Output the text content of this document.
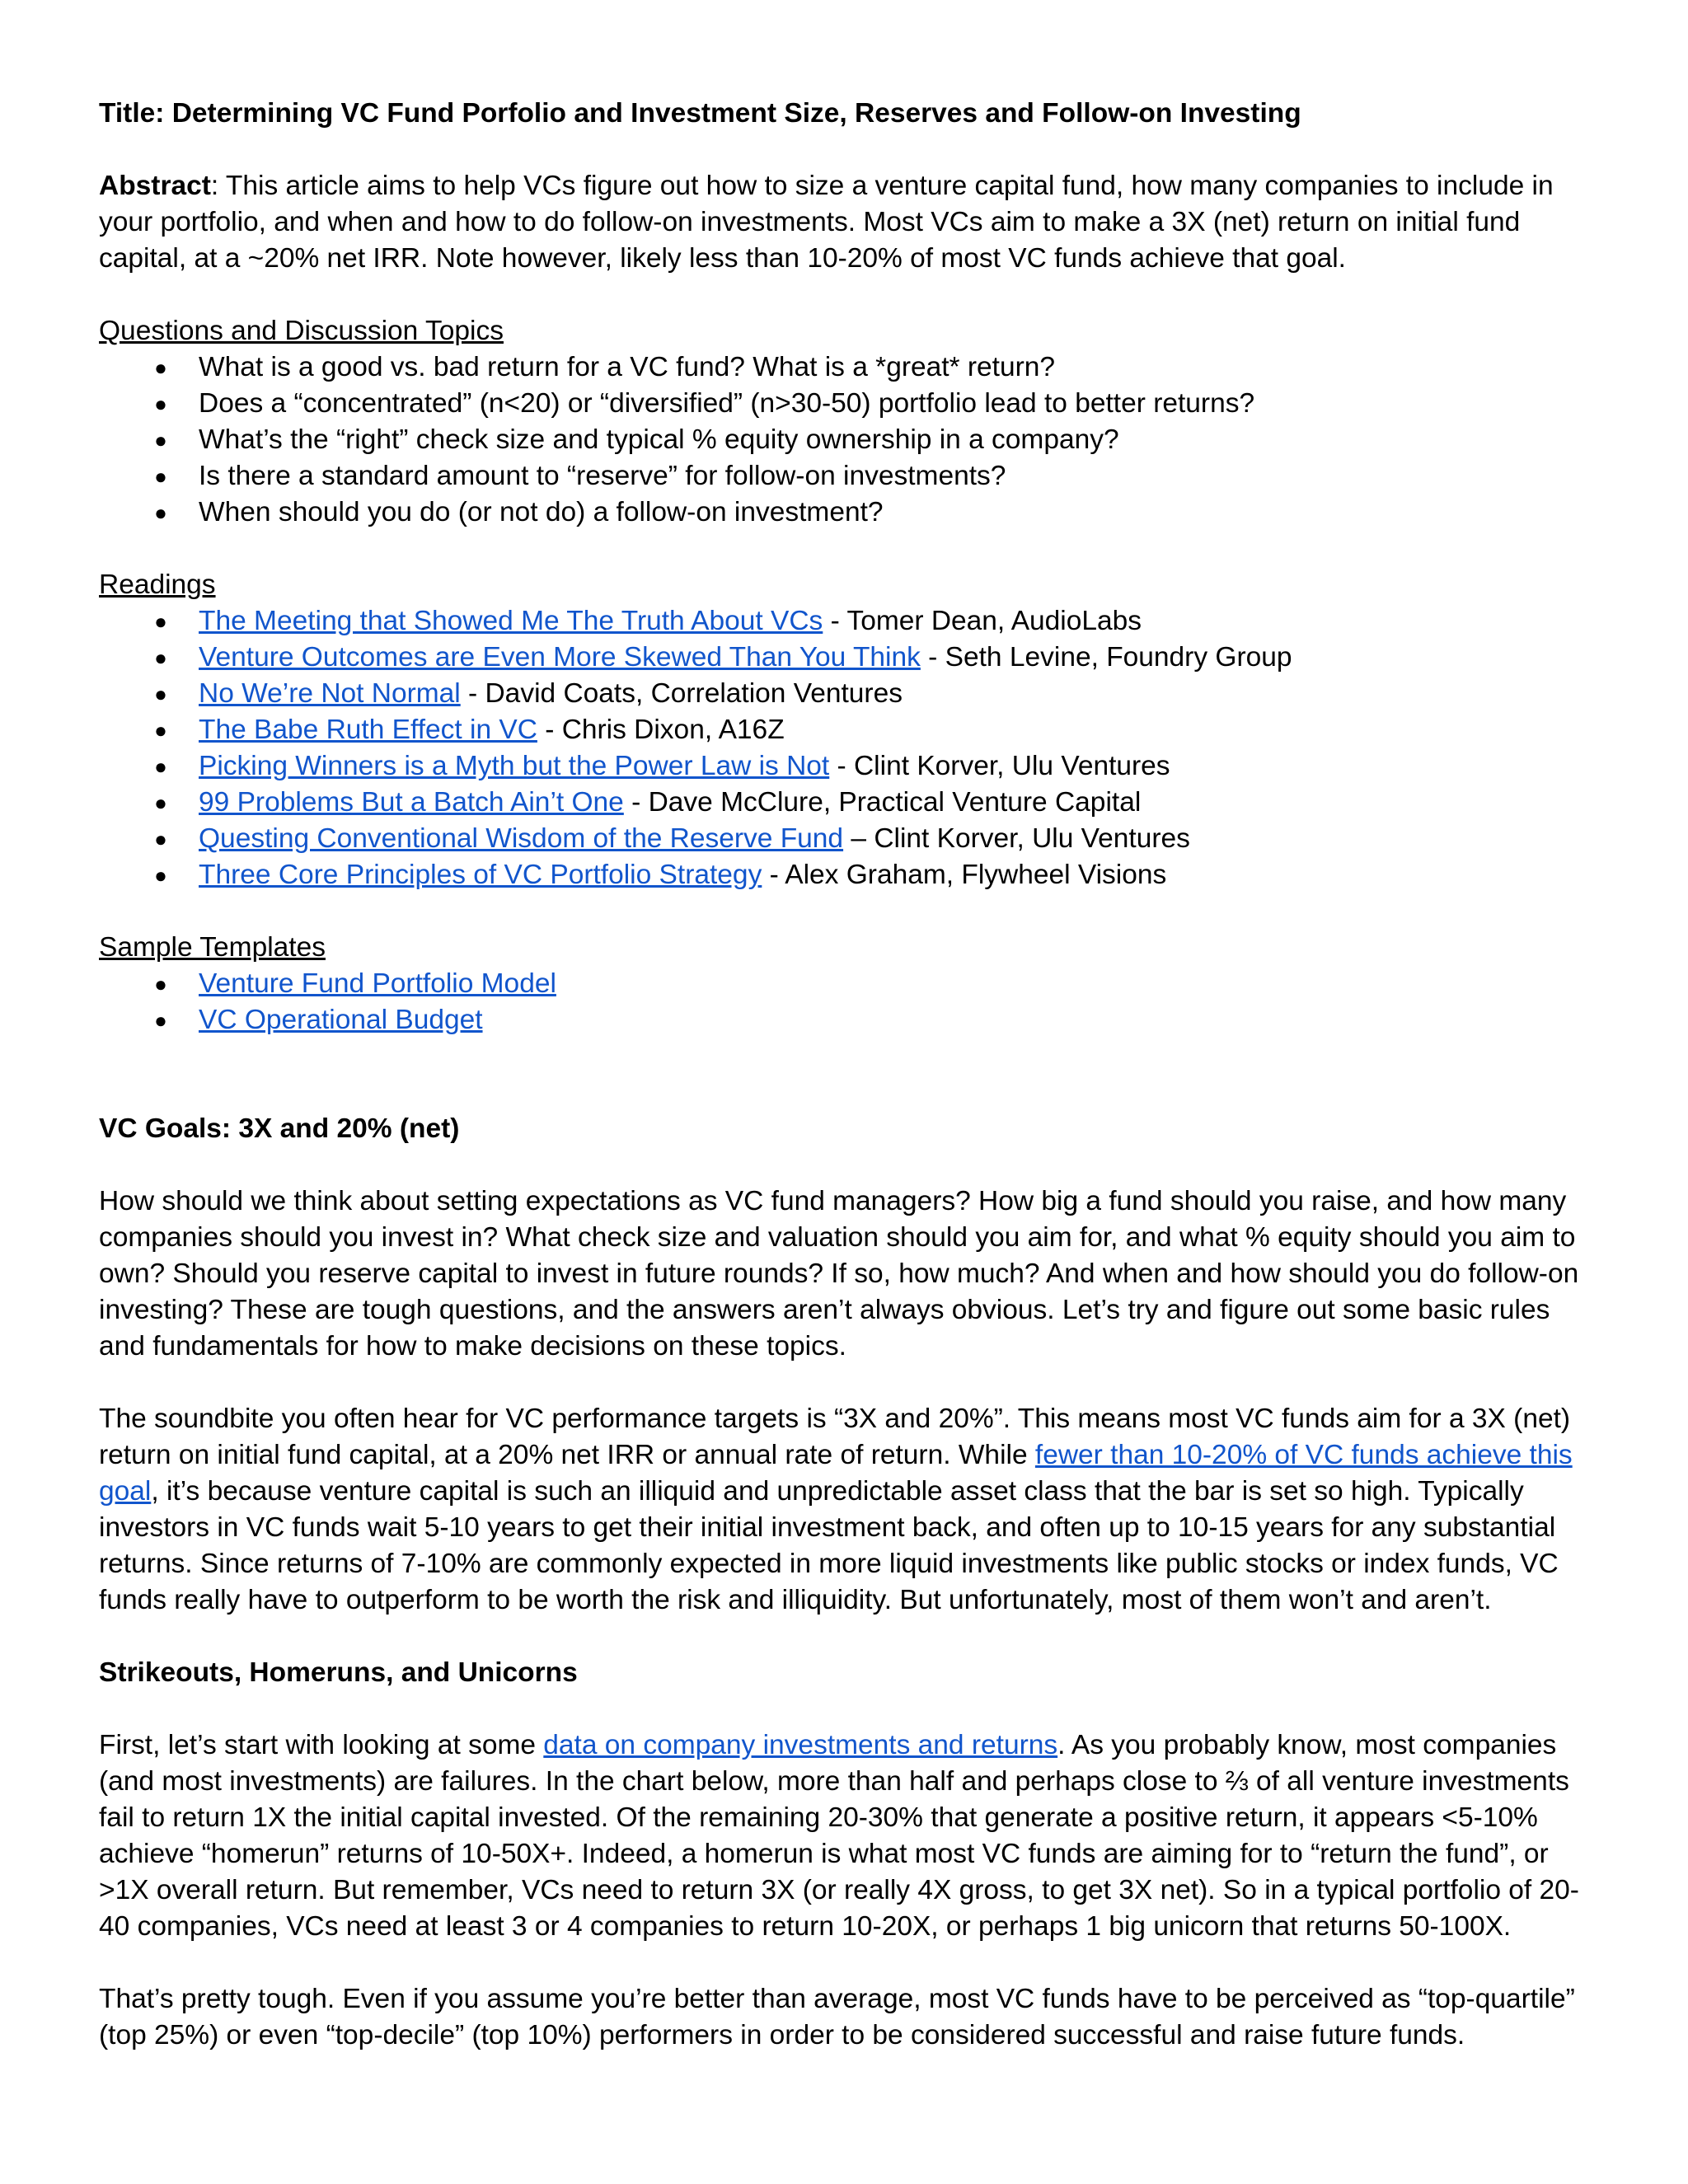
Title: Determining VC Fund Porfolio and Investment Size, Reserves and Follow-on Investing

Abstract: This article aims to help VCs figure out how to size a venture capital fund, how many companies to include in your portfolio, and when and how to do follow-on investments. Most VCs aim to make a 3X (net) return on initial fund capital, at a ~20% net IRR. Note however, likely less than 10-20% of most VC funds achieve that goal.

Questions and Discussion Topics

● What is a good vs. bad return for a VC fund? What is a *great* return?
● Does a “concentrated” (n<20) or “diversified” (n>30-50) portfolio lead to better returns?
● What’s the “right” check size and typical % equity ownership in a company?
● Is there a standard amount to “reserve” for follow-on investments?
● When should you do (or not do) a follow-on investment?

Readings

● The Meeting that Showed Me The Truth About VCs - Tomer Dean, AudioLabs
● Venture Outcomes are Even More Skewed Than You Think - Seth Levine, Foundry Group
● No We’re Not Normal - David Coats, Correlation Ventures
● The Babe Ruth Effect in VC - Chris Dixon, A16Z
● Picking Winners is a Myth but the Power Law is Not - Clint Korver, Ulu Ventures
● 99 Problems But a Batch Ain’t One - Dave McClure, Practical Venture Capital
● Questing Conventional Wisdom of the Reserve Fund – Clint Korver, Ulu Ventures
● Three Core Principles of VC Portfolio Strategy - Alex Graham, Flywheel Visions

Sample Templates

● Venture Fund Portfolio Model
● VC Operational Budget

VC Goals: 3X and 20% (net)

How should we think about setting expectations as VC fund managers? How big a fund should you raise, and how many companies should you invest in? What check size and valuation should you aim for, and what % equity should you aim to own? Should you reserve capital to invest in future rounds? If so, how much? And when and how should you do follow-on investing? These are tough questions, and the answers aren’t always obvious. Let’s try and figure out some basic rules and fundamentals for how to make decisions on these topics.

The soundbite you often hear for VC performance targets is “3X and 20%”. This means most VC funds aim for a 3X (net) return on initial fund capital, at a 20% net IRR or annual rate of return. While fewer than 10-20% of VC funds achieve this goal, it’s because venture capital is such an illiquid and unpredictable asset class that the bar is set so high. Typically investors in VC funds wait 5-10 years to get their initial investment back, and often up to 10-15 years for any substantial returns. Since returns of 7-10% are commonly expected in more liquid investments like public stocks or index funds, VC funds really have to outperform to be worth the risk and illiquidity. But unfortunately, most of them won’t and aren’t.

Strikeouts, Homeruns, and Unicorns

First, let’s start with looking at some data on company investments and returns. As you probably know, most companies (and most investments) are failures. In the chart below, more than half and perhaps close to ⅔ of all venture investments fail to return 1X the initial capital invested. Of the remaining 20-30% that generate a positive return, it appears <5-10% achieve “homerun” returns of 10-50X+. Indeed, a homerun is what most VC funds are aiming for to “return the fund”, or >1X overall return. But remember, VCs need to return 3X (or really 4X gross, to get 3X net). So in a typical portfolio of 20-40 companies, VCs need at least 3 or 4 companies to return 10-20X, or perhaps 1 big unicorn that returns 50-100X.

That’s pretty tough. Even if you assume you’re better than average, most VC funds have to be perceived as “top-quartile” (top 25%) or even “top-decile” (top 10%) performers in order to be considered successful and raise future funds.
